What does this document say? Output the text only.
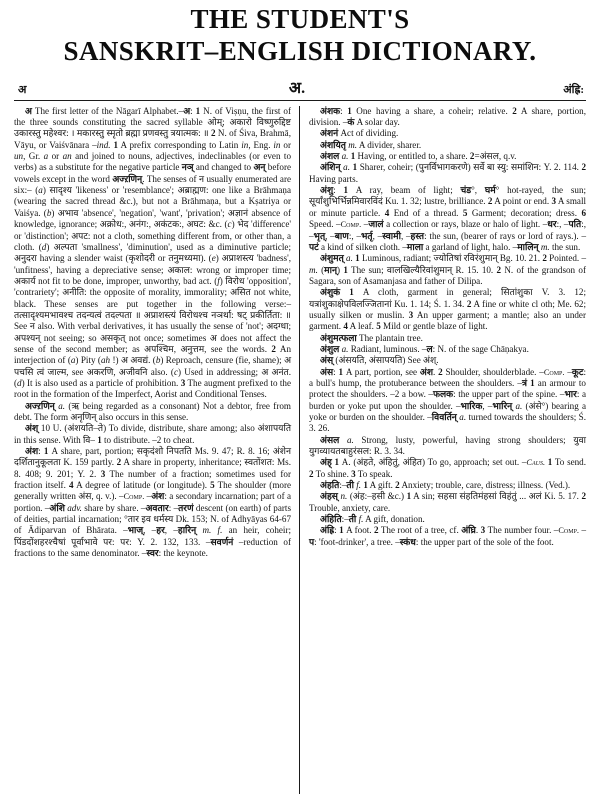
THE STUDENT'S
SANSKRIT–ENGLISH DICTIONARY.
अ	अ.	अंह्रि:

अ The first letter of the Nāgarī Alphabet.–अ: 1 N. of Viṣṇu, the first of the three sounds constituting the sacred syllable ओम्; अकारो विष्णुरुद्दिष्ट उकारस्तु महेश्वर: । मकारस्तु स्मृतो ब्रह्मा प्रणवस्तु त्रयात्मक: ॥ 2 N. of Śiva, Brahmā, Vāyu, or Vaiśvānara –ind. 1 A prefix corresponding to Latin in, Eng. in or un, Gr. a or an and joined to nouns, adjectives, indeclinables (or even to verbs) as a substitute for the negative particle नञ् and changed to अन् before vowels except in the word अज्ऱणिन्. The senses of न usually enumerated are six:– (a) सादृश्य 'likeness' or 'resemblance'; अब्राह्मण: one like a Brāhmaṇa (wearing the sacred thread &c.), but not a Brāhmaṇa, but a Kṣatriya or Vaiśya. (b) अभाव 'absence', 'negation', 'want', 'privation'; अज्ञानं absence of knowledge, ignorance; अक्रोध:, अनंग:, अकंटक:, अघट: &c. (c) भेद 'difference' or 'distinction'; अपट: not a cloth, something different from, or other than, a cloth. (d) अल्पता 'smallness', 'diminution', used as a diminutive particle; अनुदरा having a slender waist (कृशोदरी or तनुमध्यमा). (e) अप्राशस्त्य 'badness', 'unfitness', having a depreciative sense; अकाल: wrong or improper time; अकार्य not fit to be done, improper, unworthy, bad act. (f) विरोध 'opposition', 'contrariety'; अनीति: the opposite of morality, immorality; असित not white, black. These senses are put together in the following verse:– तत्सादृश्यमभावश्च तदन्यत्वं तदल्पता ॥ अप्राशस्त्यं विरोधश्च नञर्था: षट् प्रकीर्तिता: ॥ See न also. With verbal derivatives, it has usually the sense of 'not'; अदग्धा; अपश्यन् not seeing; so असकृत् not once; sometimes अ does not affect the sense of the second member; as अपश्चिम, अनुत्तम, see the words. 2 An interjection of (a) Pity (ah !) अ अवद्यं. (b) Reproach, censure (fie, shame); अ पचसि त्वं जाल्म, see अकरणि, अजीवनि also. (c) Used in addressing; अ अनंत. (d) It is also used as a particle of prohibition. 3 The augment prefixed to the root in the formation of the Imperfect, Aorist and Conditional Tenses.

अज्ऱणिन् a. (ऋ being regarded as a consonant) Not a debtor, free from debt. The form अनृणिन् also occurs in this sense.

अंश् 10 U. (अंशयति–ते) To divide, distribute, share among; also अंशापयति in this sense. With वि– 1 to distribute. –2 to cheat.

अंश: 1 A share, part, portion; सकृदंशो निपतति Ms. 9. 47; R. 8. 16; अंशेन दर्शितानुकूलता K. 159 partly. 2 A share in property, inheritance; स्वतोंशत: Ms. 8. 408; 9. 201; Y. 2. 3 The number of a fraction; sometimes used for fraction itself. 4 A degree of latitude (or longitude). 5 The shoulder (more generally written अंस, q. v.). –Comp. –अंश: a secondary incarnation; part of a portion. –अंशि adv. share by share. –अवतार: –तरणं descent (on earth) of parts of deities, partial incarnation; °तार इव धर्मस्य Dk. 153; N. of Adhyāyas 64-67 of Ādiparvan of Bhārata. –भाज्, –हर, –हारिन् m. f. an heir, coheir; पिंडदोंशहरश्चैषां पूर्वाभावे पर: पर: Y. 2. 132, 133. –सवर्णनं –reduction of fractions to the same denominator. –स्वर: the keynote.

अंशक: 1 One having a share, a coheir; relative. 2 A share, portion, division. –कं A solar day.

अंशनं Act of dividing.

अंशयितृ m. A divider, sharer.

अंशल a. 1 Having, or entitled to, a share. 2=अंसल, q.v.

अंशिन् a. 1 Sharer, coheir; (पुनर्विभागकरणे) सर्वे बा स्यु: समांशिन: Y. 2. 114. 2 Having parts.

अंशु: 1 A ray, beam of light; चंड°, घर्म° hot-rayed, the sun; सूर्यांशुभिर्भिन्नमिवारविंदं Ku. 1. 32; lustre, brilliance. 2 A point or end. 3 A small or minute particle. 4 End of a thread. 5 Garment; decoration; dress. 6 Speed. –Comp. –जालं a collection or rays, blaze or halo of light. –धर:, –पति:, –भृत्, –बाण:, –भर्तृ, –स्वामी, –हस्त: the sun, (bearer of rays or lord of rays.). –पटं a kind of silken cloth. –माला a garland of light, halo. –मालिन् m. the sun.

अंशुमत् a. 1 Luminous, radiant; ज्योतिषां रविरंशुमान् Bg. 10. 21. 2 Pointed. –m. (मान्) 1 The sun; वालखिल्यैरिवांशुमान् R. 15. 10. 2 N. of the grandson of Sagara, son of Asamanjasa and father of Dilipa.

अंशुकं 1 A cloth, garment in general; सितांशुका V. 3. 12; यत्रांशुकाक्षेपविलज्जितानां Ku. 1. 14; Ś. 1. 34. 2 A fine or white cl oth; Me. 62; usually silken or muslin. 3 An upper garment; a mantle; also an under garment. 4 A leaf. 5 Mild or gentle blaze of light.

अंशुमत्फला The plantain tree.

अंशुल a. Radiant, luminous. –ल: N. of the sage Chāṇakya.

अंस् (अंसयति, अंसापयति) See अंश्.

अंस: 1 A part, portion, see अंश. 2 Shoulder, shoulderblade. –Comp. –कूट: a bull's hump, the protuberance between the shoulders. –त्रं 1 an armour to protect the shoulders. –2 a bow. –फलक: the upper part of the spine. –भार: a burden or yoke put upon the shoulder. –भारिक, –भारिन् a. (अंसे°) bearing a yoke or burden on the shoulder. –विवर्तिन् a. turned towards the shoulders; Ś. 3. 26.

अंसल a. Strong, lusty, powerful, having strong shoulders; युवा युगव्यायतबाहुरंसल: R. 3. 34.

अंह् 1 A. (अंहते, अंहितुं, अंहित) To go, approach; set out. –Caus. 1 To send. 2 To shine. 3 To speak.

अंहति:–ती f. 1 A gift. 2 Anxiety; trouble, care, distress; illness. (Ved.).

अंहस् n. (अंह:–हसी &c.) 1 A sin; सहसा संहतिमंहसां विहंतुं ... अलं Ki. 5. 17. 2 Trouble, anxiety, care.

अंहिति:–ती f. A gift, donation.

अंह्रि: 1 A foot. 2 The root of a tree, cf. अंघ्रि. 3 The number four. –Comp. –प: 'foot-drinker', a tree. –स्कंध: the upper part of the sole of the foot.
